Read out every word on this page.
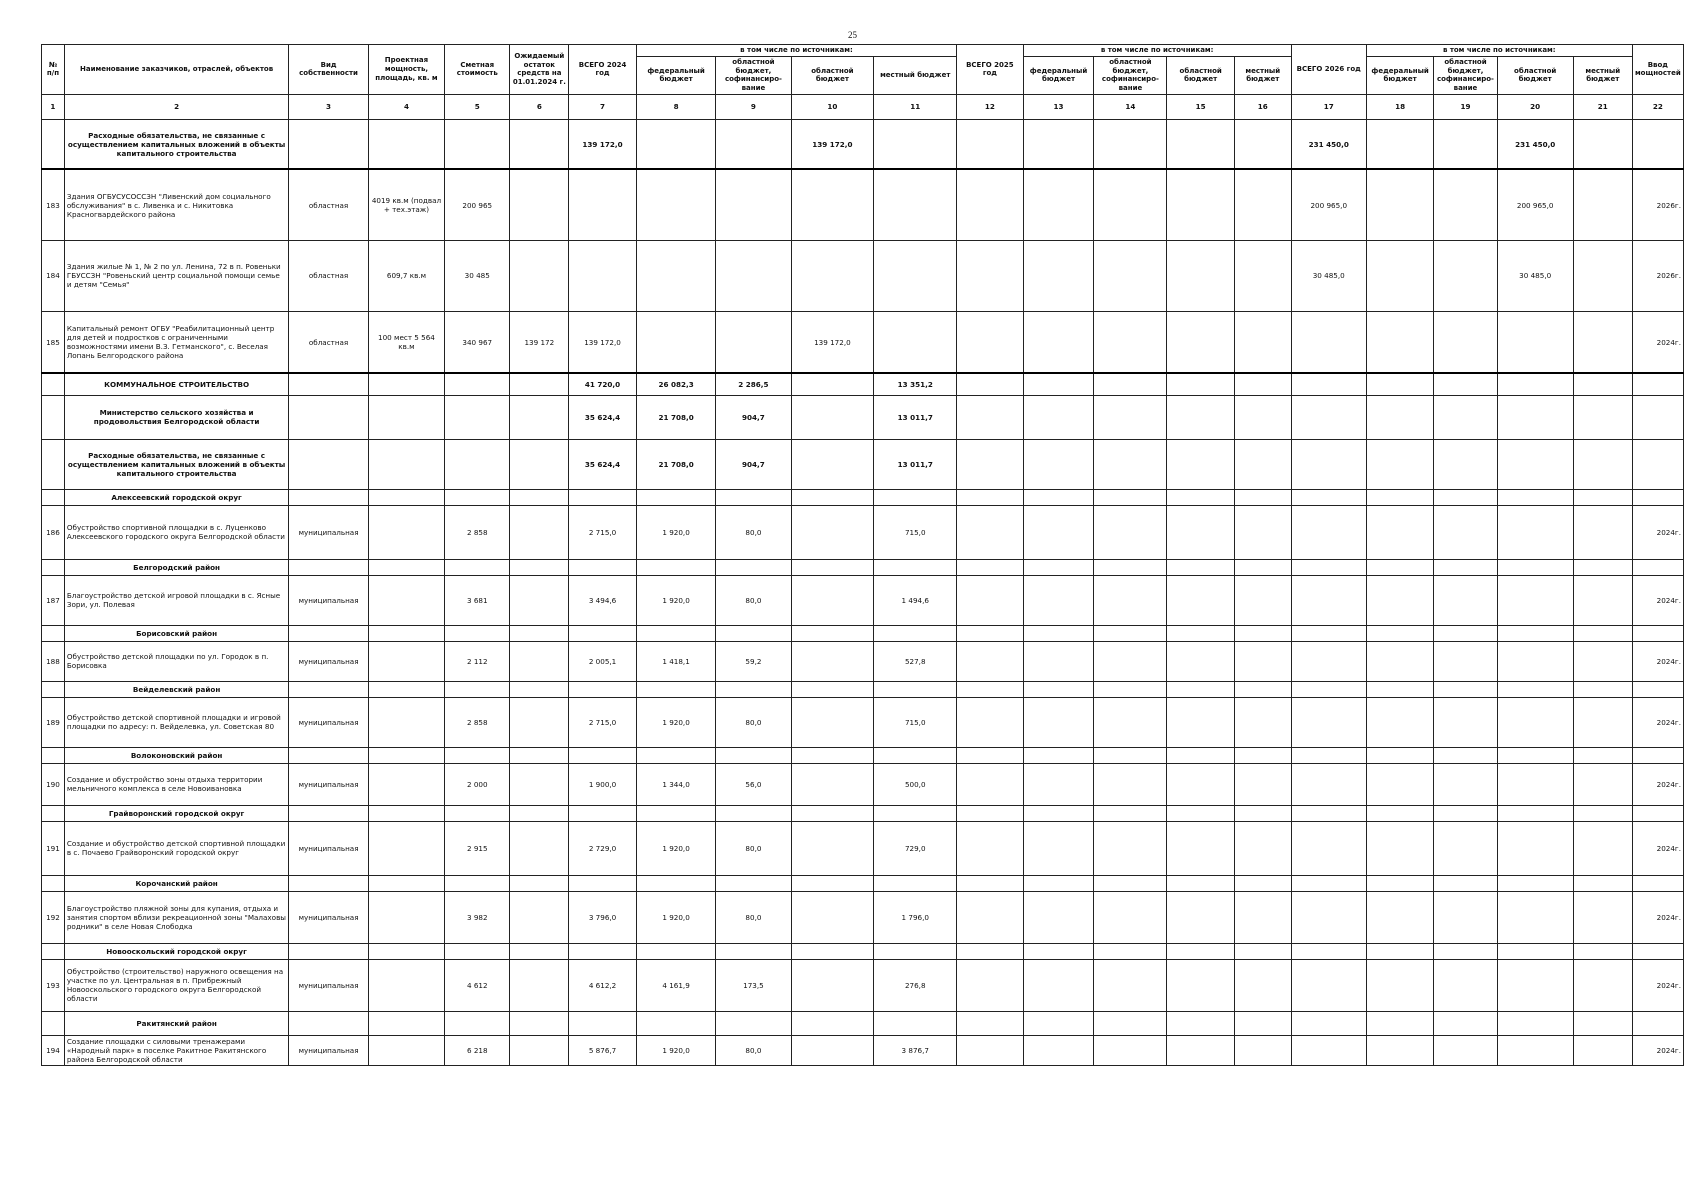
25
№ п/п	Наименование заказчиков, отраслей, объектов	Вид собственности	Проектная мощность, площадь, кв. м	Сметная стоимость	Ожидаемый остаток средств на 01.01.2024 г.	ВСЕГО 2024 год	в том числе по источникам:				ВСЕГО 2025 год	в том числе по источникам:				ВСЕГО 2026 год	в том числе по источникам:				Ввод мощностей
							федеральный бюджет	областной бюджет, софинансиро-вание	областной бюджет	местный бюджет		федеральный бюджет	областной бюджет, софинансиро-вание	областной бюджет	местный бюджет		федеральный бюджет	областной бюджет, софинансиро-вание	областной бюджет	местный бюджет	
1	2	3	4	5	6	7	8	9	10	11	12	13	14	15	16	17	18	19	20	21	22
	Расходные обязательства, не связанные с осуществлением капитальных вложений в объекты капитального строительства					139 172,0			139 172,0							231 450,0			231 450,0		
183	Здания ОГБУСУСОССЗН "Ливенский дом социального обслуживания" в с. Ливенка и с. Никитовка Красногвардейского района	областная	4019 кв.м (подвал + тех.этаж)	200 965												200 965,0			200 965,0		2026г.
184	Здания жилые № 1, № 2 по ул. Ленина, 72 в п. Ровеньки ГБУССЗН "Ровеньский центр социальной помощи семье и детям "Семья"	областная	609,7 кв.м	30 485												30 485,0			30 485,0		2026г.
185	Капитальный ремонт ОГБУ "Реабилитационный центр для детей и подростков с ограниченными возможностями имени В.З. Гетманского", с. Веселая Лопань Белгородского района	областная	100 мест 5 564 кв.м	340 967	139 172	139 172,0			139 172,0												2024г.
	КОММУНАЛЬНОЕ СТРОИТЕЛЬСТВО					41 720,0	26 082,3	2 286,5		13 351,2											
	Министерство сельского хозяйства и продовольствия Белгородской области					35 624,4	21 708,0	904,7		13 011,7											
	Расходные обязательства, не связанные с осуществлением капитальных вложений в объекты капитального строительства					35 624,4	21 708,0	904,7		13 011,7											
	Алексеевский городской округ																				
186	Обустройство спортивной площадки в с. Луценково Алексеевского городского округа Белгородской области	муниципальная		2 858		2 715,0	1 920,0	80,0		715,0											2024г.
	Белгородский район																				
187	Благоустройство детской игровой площадки в с. Ясные Зори, ул. Полевая	муниципальная		3 681		3 494,6	1 920,0	80,0		1 494,6											2024г.
	Борисовский район																				
188	Обустройство детской площадки по ул. Городок в п. Борисовка	муниципальная		2 112		2 005,1	1 418,1	59,2		527,8											2024г.
	Вейделевский район																				
189	Обустройство детской спортивной площадки и игровой площадки по адресу: п. Вейделевка, ул. Советская 80	муниципальная		2 858		2 715,0	1 920,0	80,0		715,0											2024г.
	Волоконовский район																				
190	Создание и обустройство зоны отдыха территории мельничного комплекса в селе Новоивановка	муниципальная		2 000		1 900,0	1 344,0	56,0		500,0											2024г.
	Грайворонский городской округ																				
191	Создание и обустройство детской спортивной площадки в с. Почаево Грайворонский городской округ	муниципальная		2 915		2 729,0	1 920,0	80,0		729,0											2024г.
	Корочанский район																				
192	Благоустройство пляжной зоны для купания, отдыха и занятия спортом вблизи рекреационной зоны "Малаховы родники" в селе Новая Слободка	муниципальная		3 982		3 796,0	1 920,0	80,0		1 796,0											2024г.
	Новооскольский городской округ																				
193	Обустройство (строительство) наружного освещения на участке по ул. Центральная в п. Прибрежный Новооскольского городского округа Белгородской области	муниципальная		4 612		4 612,2	4 161,9	173,5		276,8											2024г.
	Ракитянский район																				
194	Создание площадки с силовыми тренажерами «Народный парк» в поселке Ракитное Ракитянского района Белгородской области	муниципальная		6 218		5 876,7	1 920,0	80,0		3 876,7											2024г.
